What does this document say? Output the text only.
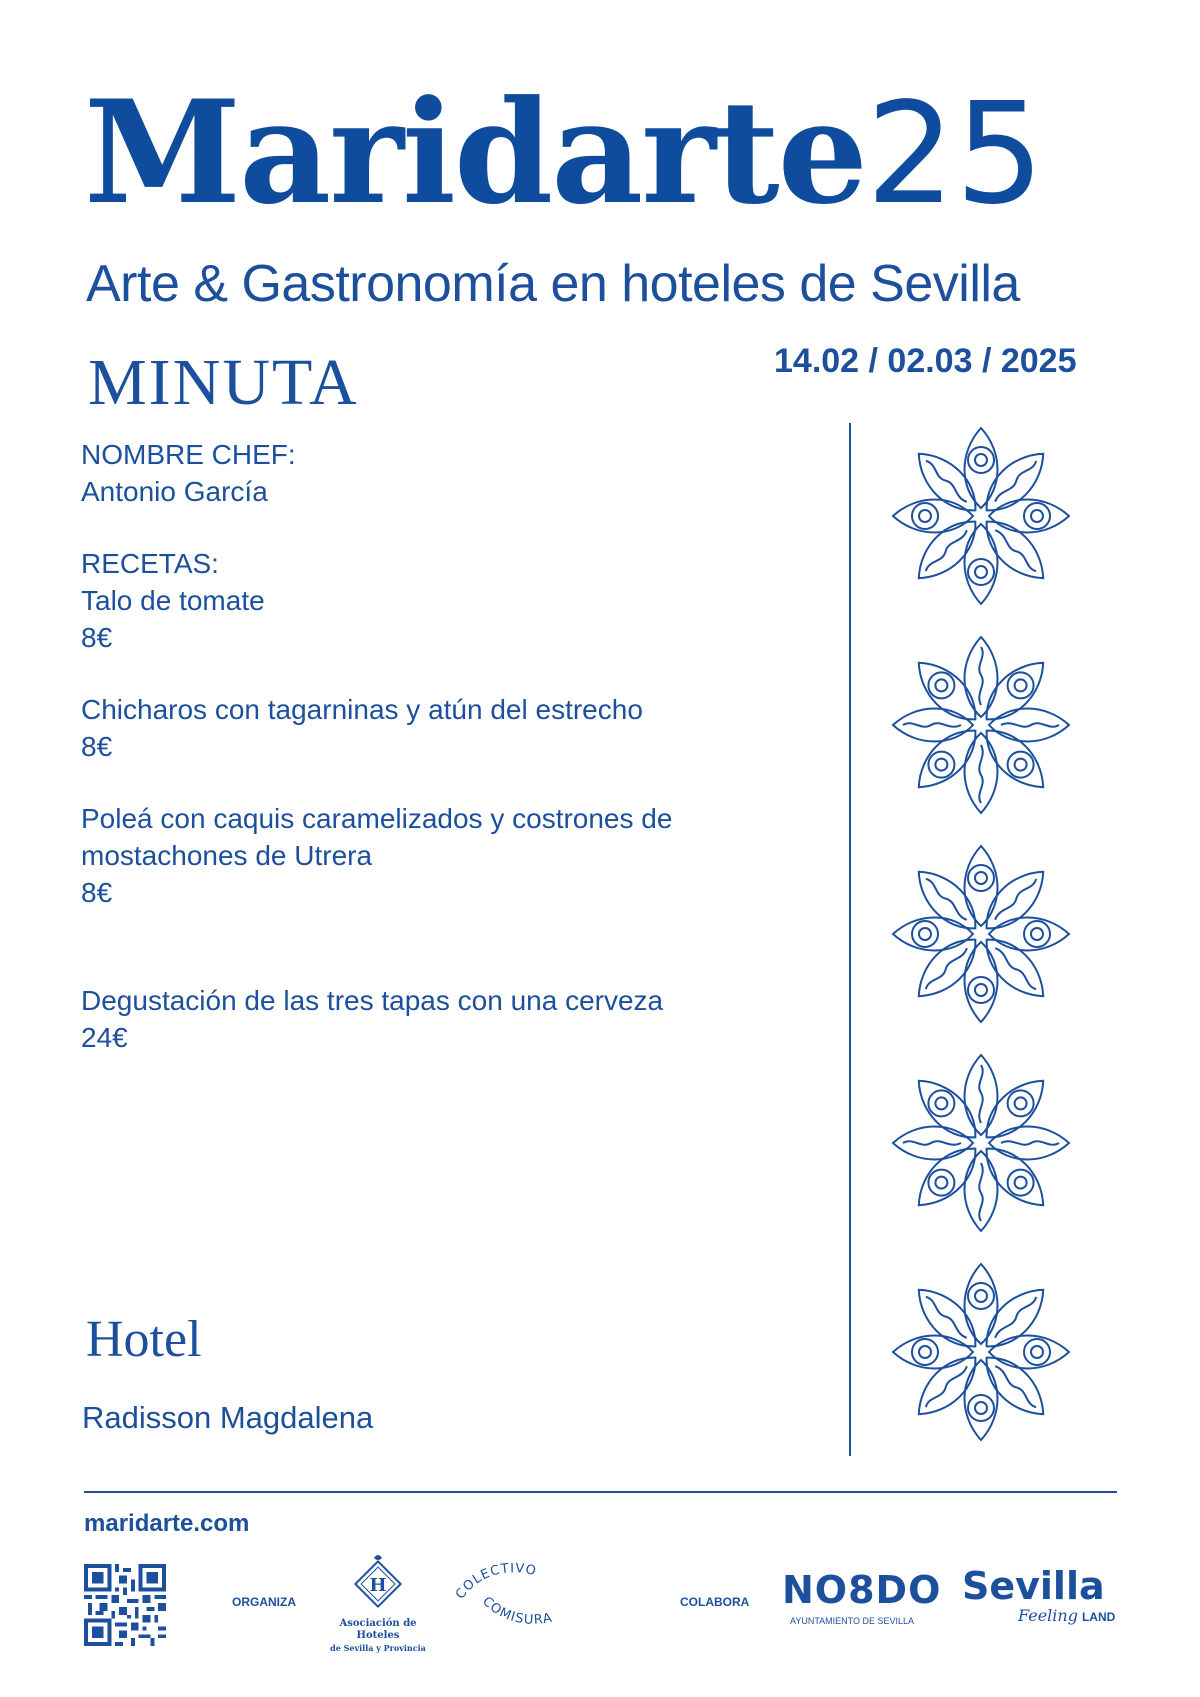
Maridarte25
Arte & Gastronomía en hoteles de Sevilla
MINUTA	14.02 / 02.03 / 2025
NOMBRE CHEF:
Antonio García
RECETAS:
Talo de tomate
8€
Chicharos con tagarninas y atún del estrecho
8€
Poleá con caquis caramelizados y costrones de
mostachones de Utrera
8€
Degustación de las tres tapas con una cerveza
24€
Hotel
Radisson Magdalena
maridarte.com
ORGANIZA
H
Asociación de Hoteles
de Sevilla y Provincia
COLECTIVO
COMISURA
COLABORA NO8DO
AYUNTAMIENTO DE SEVILLA
Sevilla
Feeling LAND
